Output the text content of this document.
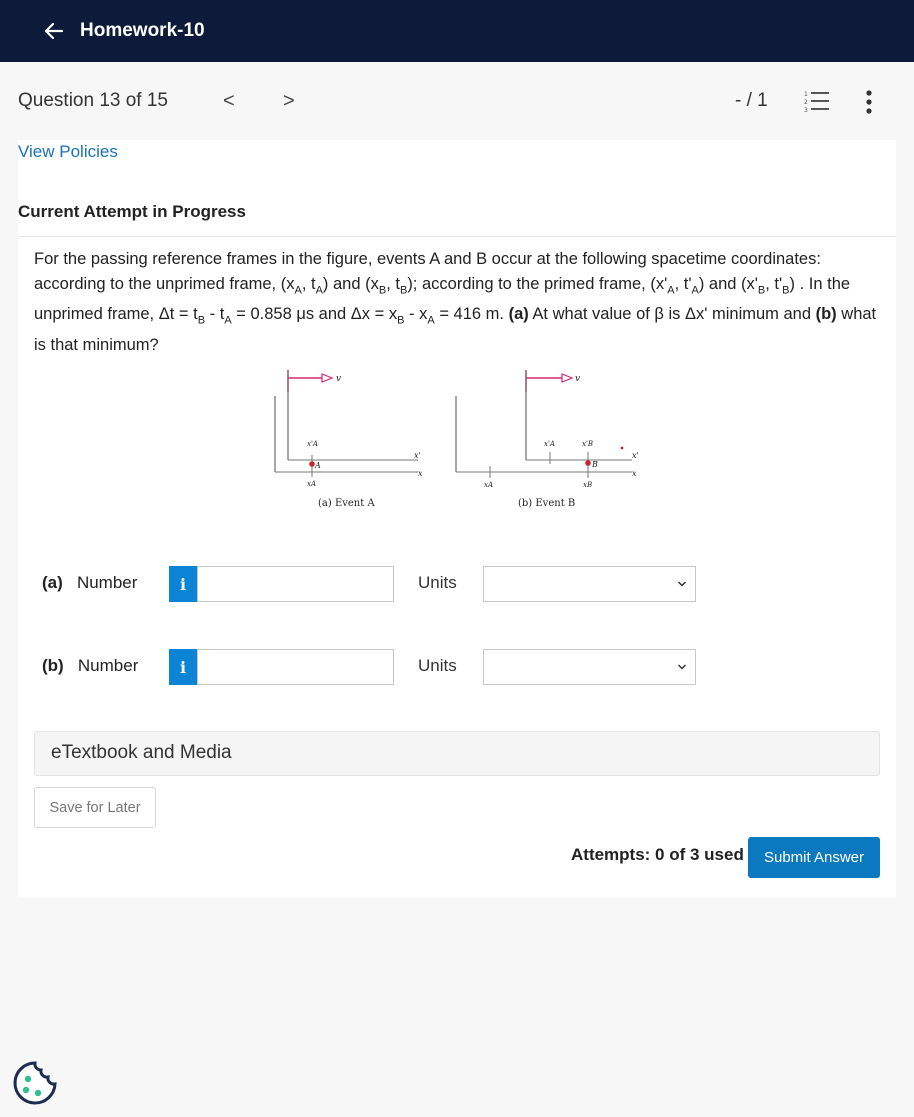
Homework-10
Question 13 of 15	< >	- / 1	1
2
3
View Policies
Current Attempt in Progress
For the passing reference frames in the figure, events A and B occur at the following spacetime coordinates: according to the unprimed frame, ($x_A$, $t_A$) and ($x_B$, $t_B$); according to the primed frame, ($x'_A$, $t'_A$) and ($x'_B$, $t'_B$) . In the unprimed frame, $\Delta t = t_B - t_A = 0.858$ μs and $\Delta x = x_B - x_A = 416$ m. (a) At what value of β is Δx' minimum and (b) what is that minimum?
v
x'
x
A
x'A
xA
(a) Event A
v
x'
x
xA
x'A
B
x'B
xB
(b) Event B
(a) Number	i	Units
(b) Number	i	Units
eTextbook and Media
Save for Later
Attempts: 0 of 3 used	Submit Answer
